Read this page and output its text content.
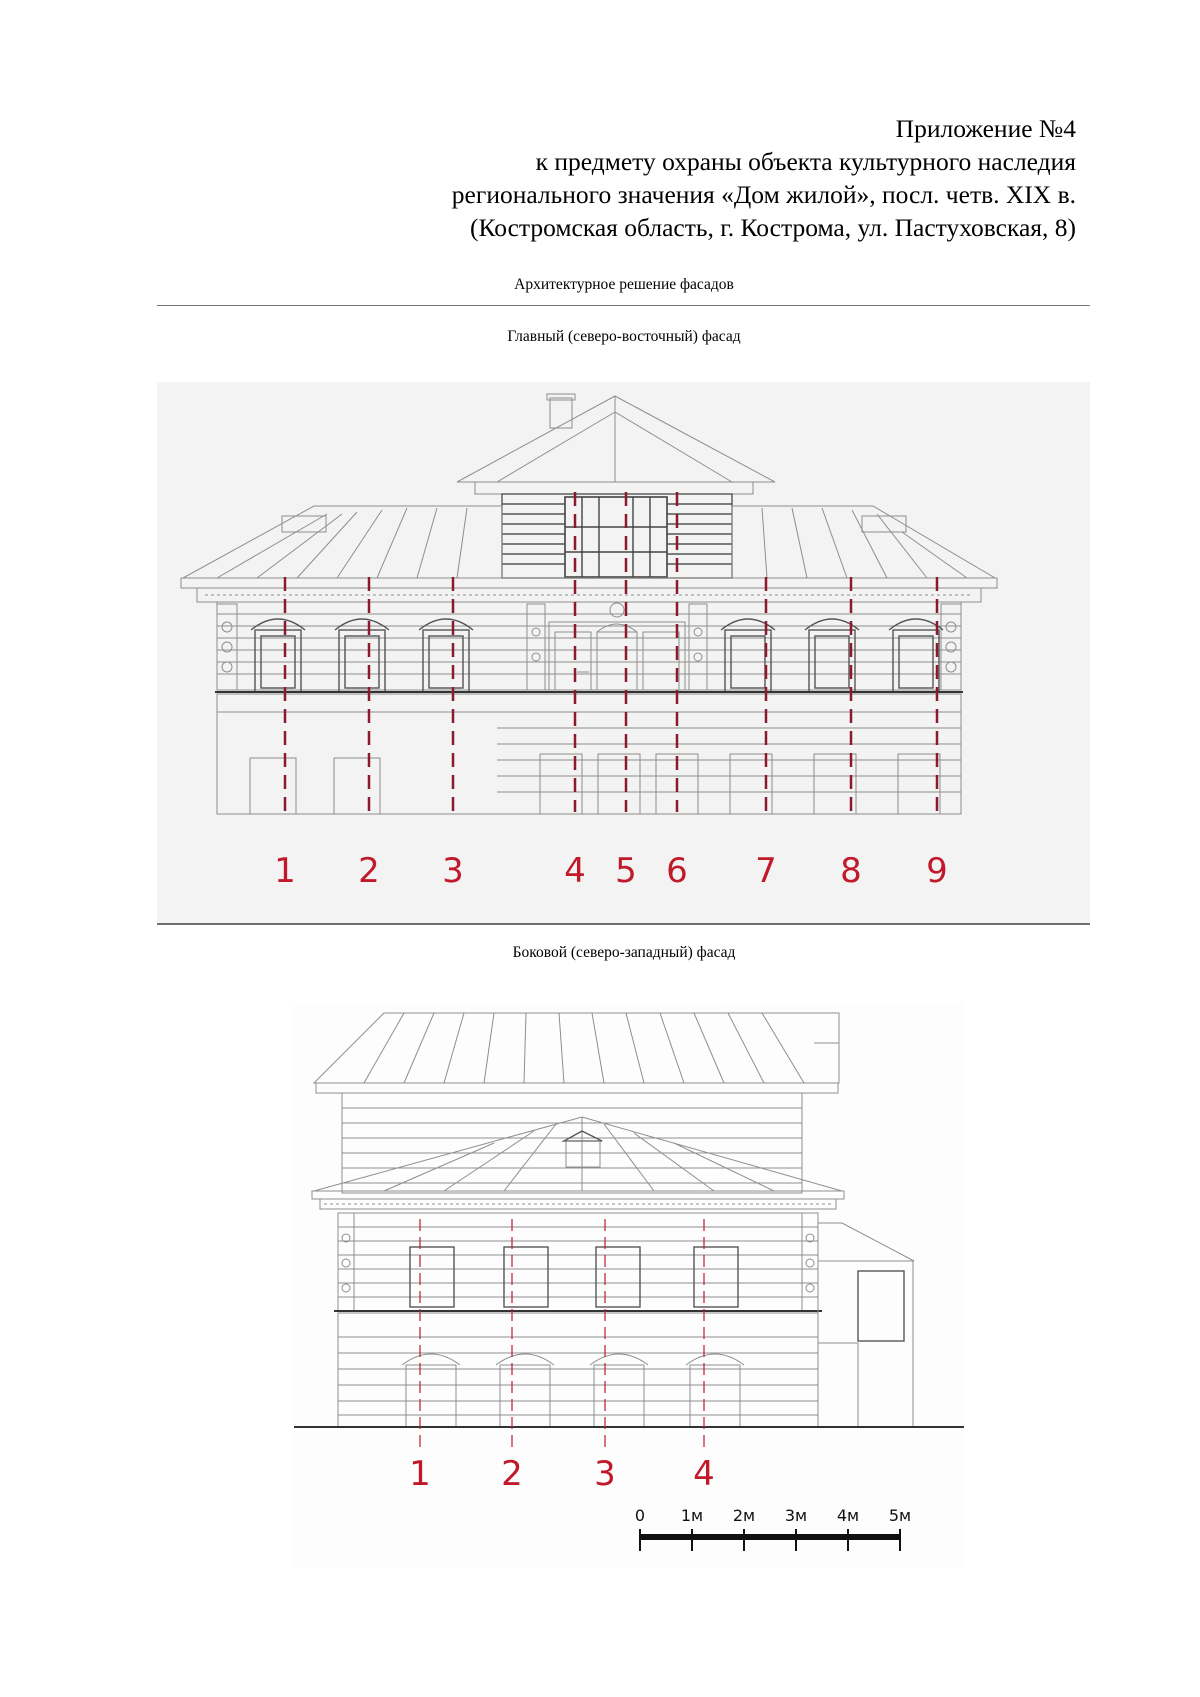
Приложение №4
к предмету охраны объекта культурного наследия
регионального значения «Дом жилой», посл. четв. XIX в.
(Костромская область, г. Кострома, ул. Пастуховская, 8)
Архитектурное решение фасадов
Главный (северо-восточный) фасад
1 2 3	4 5 6 7 8 9
Боковой (северо-западный) фасад
1 2 3 4
0 1м 2м 3м 4м 5м
